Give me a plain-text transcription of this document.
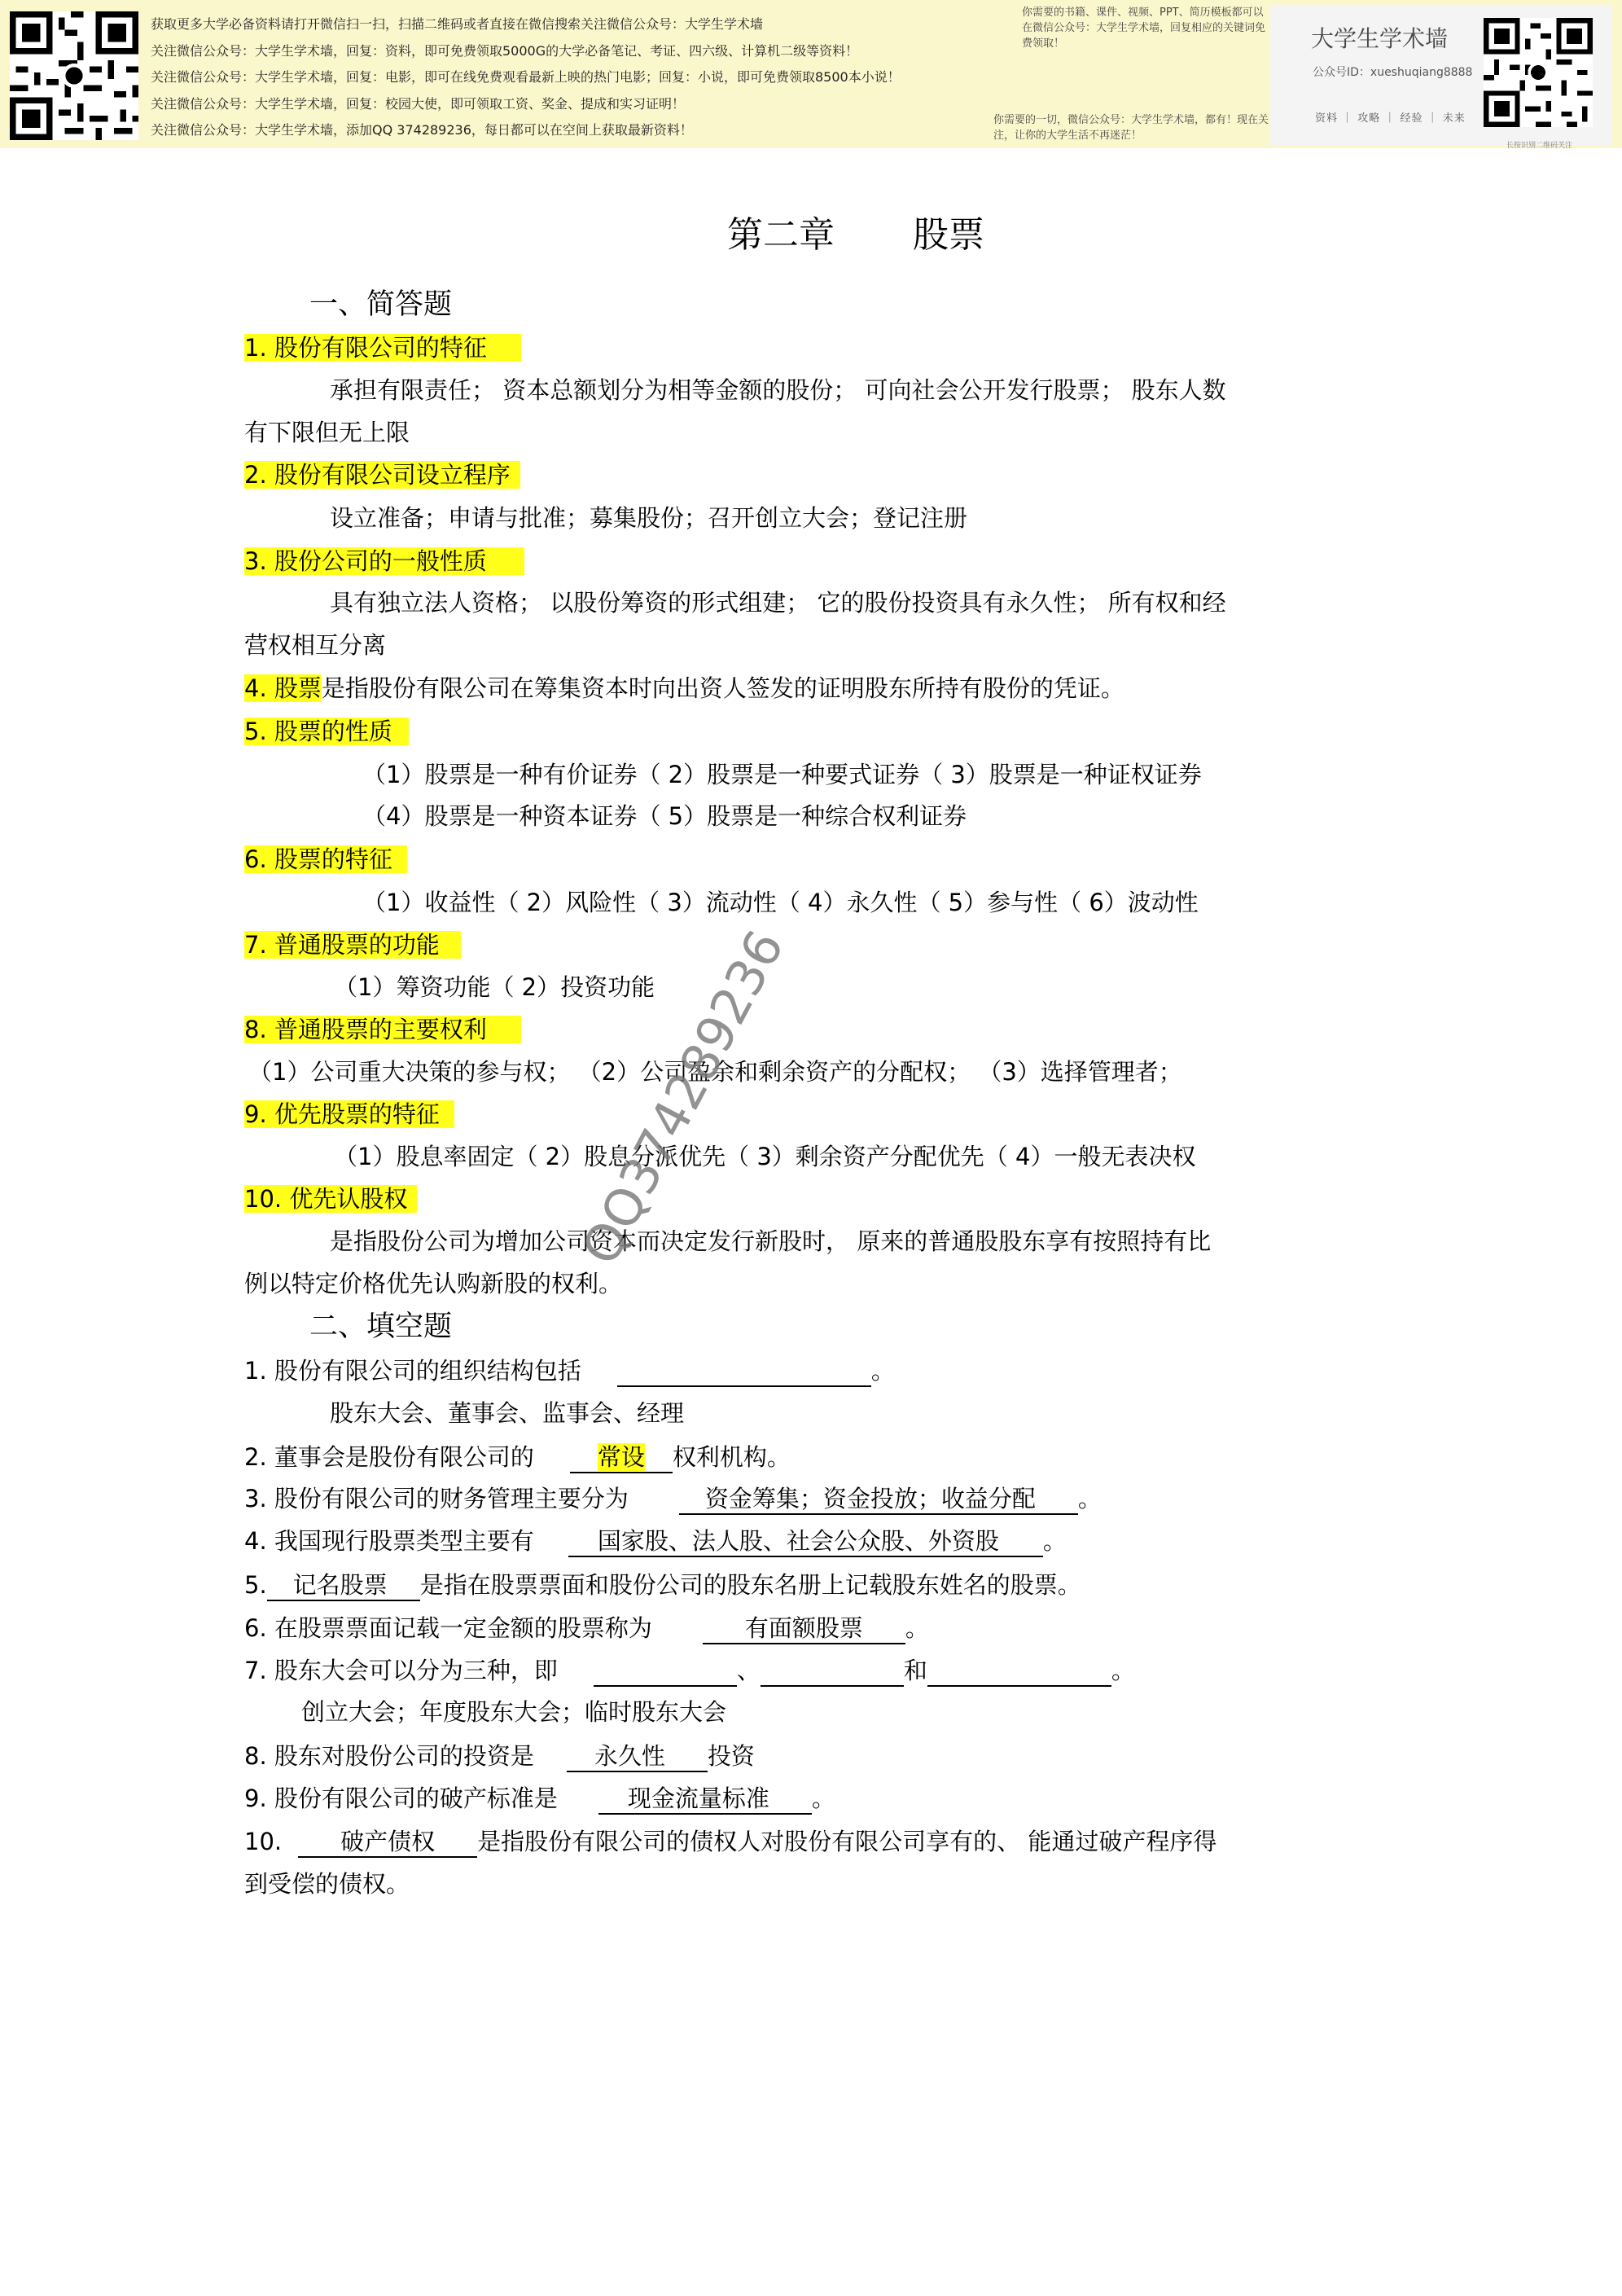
获取更多大学必备资料请打开微信扫一扫，扫描二维码或者直接在微信搜索关注微信公众号：大学生学术墙
关注微信公众号：大学生学术墙，回复：资料，即可免费领取5000G的大学必备笔记、考证、四六级、计算机二级等资料！
关注微信公众号：大学生学术墙，回复：电影，即可在线免费观看最新上映的热门电影；回复：小说，即可免费领取8500本小说！
关注微信公众号：大学生学术墙，回复：校园大使，即可领取工资、奖金、提成和实习证明！
关注微信公众号：大学生学术墙，添加QQ 374289236，每日都可以在空间上获取最新资料！
你需要的书籍、课件、视频、PPT、简历模板都可以在微信公众号：大学生学术墙，回复相应的关键词免费领取！
你需要的一切，微信公众号：大学生学术墙，都有！现在关注，让你的大学生活不再迷茫！
大学生学术墙
公众号ID：xueshuqiang8888
资料 ｜ 攻略 ｜ 经验 ｜ 未来
长按识别二维码关注
第二章 股票
一、简答题
1. 股份有限公司的特征
承担有限责任； 资本总额划分为相等金额的股份； 可向社会公开发行股票； 股东人数
有下限但无上限
2. 股份有限公司设立程序
设立准备；申请与批准；募集股份；召开创立大会；登记注册
3. 股份公司的一般性质
具有独立法人资格； 以股份筹资的形式组建； 它的股份投资具有永久性； 所有权和经
营权相互分离
4. 股票是指股份有限公司在筹集资本时向出资人签发的证明股东所持有股份的凭证。
5. 股票的性质
（1）股票是一种有价证券（ 2）股票是一种要式证券（ 3）股票是一种证权证券
（4）股票是一种资本证券（ 5）股票是一种综合权利证券
6. 股票的特征
（1）收益性（ 2）风险性（ 3）流动性（ 4）永久性（ 5）参与性（ 6）波动性
7. 普通股票的功能
（1）筹资功能（ 2）投资功能
8. 普通股票的主要权利
（1）公司重大决策的参与权； （2）公司盈余和剩余资产的分配权； （3）选择管理者；
9. 优先股票的特征
（1）股息率固定（ 2）股息分派优先（ 3）剩余资产分配优先（ 4）一般无表决权
10. 优先认股权
是指股份公司为增加公司资本而决定发行新股时， 原来的普通股股东享有按照持有比
例以特定价格优先认购新股的权利。
二、填空题
1. 股份有限公司的组织结构包括	。
股东大会、董事会、监事会、经理
2. 董事会是股份有限公司的	常设 权利机构。
3. 股份有限公司的财务管理主要分为	资金筹集；资金投放；收益分配 。
4. 我国现行股票类型主要有	国家股、法人股、社会公众股、外资股 。
5. 记名股票 是指在股票票面和股份公司的股东名册上记载股东姓名的股票。
6. 在股票票面记载一定金额的股票称为	有面额股票 。
7. 股东大会可以分为三种，即	、	和	。
创立大会；年度股东大会；临时股东大会
8. 股东对股份公司的投资是	永久性 投资
9. 股份有限公司的破产标准是	现金流量标准 。
10. 破产债权 是指股份有限公司的债权人对股份有限公司享有的、 能通过破产程序得
到受偿的债权。
QQ374289236
